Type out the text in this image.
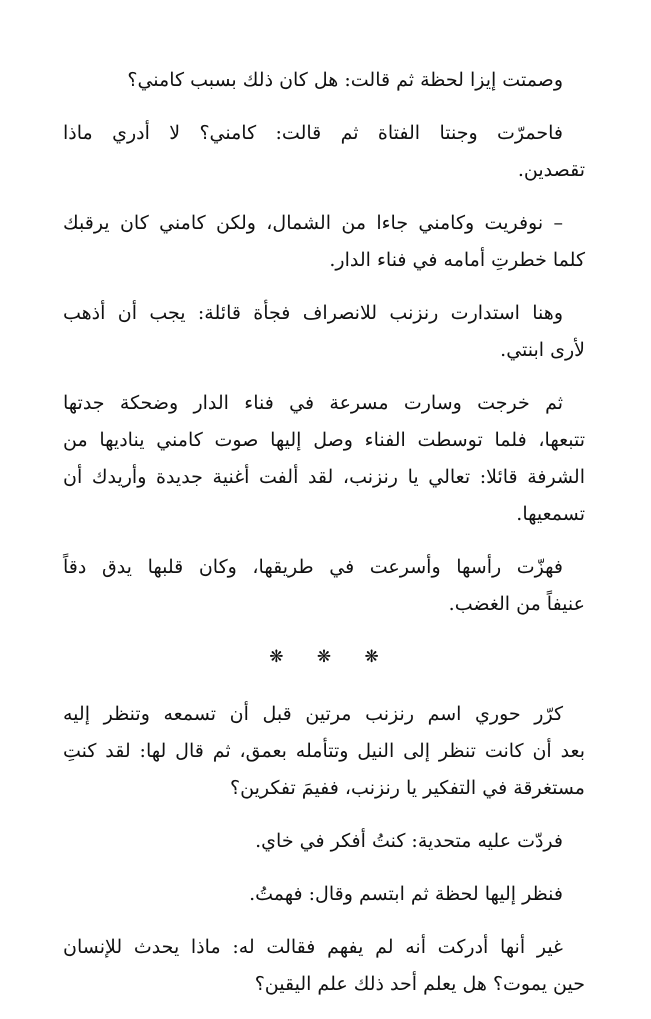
وصمتت إيزا لحظة ثم قالت: هل كان ذلك بسبب كامني؟

فاحمرّت وجنتا الفتاة ثم قالت: كامني؟ لا أدري ماذا
تقصدين.

– نوفريت وكامني جاءا من الشمال، ولكن كامني كان يرقبك
كلما خطرتِ أمامه في فناء الدار.

وهنا استدارت رنزنب للانصراف فجأة قائلة: يجب أن أذهب
لأرى ابنتي.

ثم خرجت وسارت مسرعة في فناء الدار وضحكة جدتها
تتبعها، فلما توسطت الفناء وصل إليها صوت كامني يناديها من
الشرفة قائلا: تعالي يا رنزنب، لقد ألفت أغنية جديدة وأريدك أن
تسمعيها.

فهزّت رأسها وأسرعت في طريقها، وكان قلبها يدق دقاً
عنيفاً من الغضب.

❋ ❋ ❋

كرّر حوري اسم رنزنب مرتين قبل أن تسمعه وتنظر إليه
بعد أن كانت تنظر إلى النيل وتتأمله بعمق، ثم قال لها: لقد كنتِ
مستغرقة في التفكير يا رنزنب، ففيمَ تفكرين؟

فردّت عليه متحدية: كنتُ أفكر في خاي.

فنظر إليها لحظة ثم ابتسم وقال: فهمتُ.

غير أنها أدركت أنه لم يفهم فقالت له: ماذا يحدث للإنسان
حين يموت؟ هل يعلم أحد ذلك علم اليقين؟
